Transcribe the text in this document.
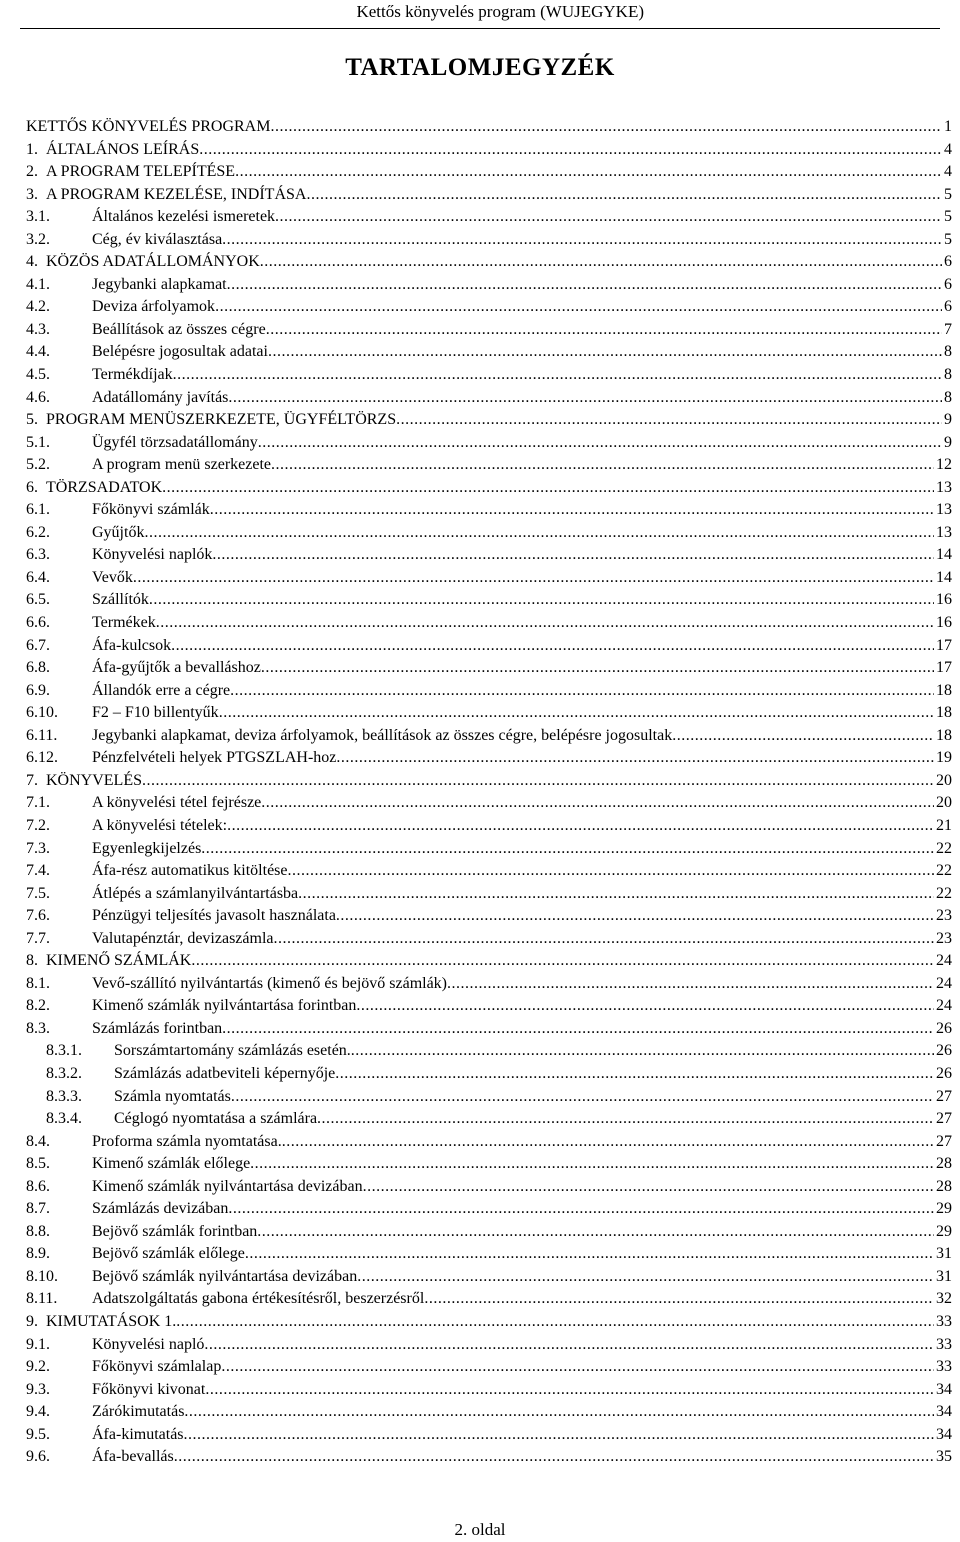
Kettős könyvelés program (WUJEGYKE)
TARTALOMJEGYZÉK
KETTŐS KÖNYVELÉS PROGRAM .....	1
1. ÁLTALÁNOS LEÍRÁS .....	4
2. A PROGRAM TELEPÍTÉSE .....	4
3. A PROGRAM KEZELÉSE, INDÍTÁSA .....	5
3.1.	Általános kezelési ismeretek .....	5
3.2.	Cég, év kiválasztása .....	5
4. KÖZÖS ADATÁLLOMÁNYOK .....	6
4.1.	Jegybanki alapkamat .....	6
4.2.	Deviza árfolyamok .....	6
4.3.	Beállítások az összes cégre .....	7
4.4.	Belépésre jogosultak adatai .....	8
4.5.	Termékdíjak .....	8
4.6.	Adatállomány javítás .....	8
5. PROGRAM MENÜSZERKEZETE, ÜGYFÉLTÖRZS .....	9
5.1.	Ügyfél törzsadatállomány .....	9
5.2.	A program menü szerkezete .....	12
6. TÖRZSADATOK .....	13
6.1.	Főkönyvi számlák .....	13
6.2.	Gyűjtők .....	13
6.3.	Könyvelési naplók .....	14
6.4.	Vevők .....	14
6.5.	Szállítók .....	16
6.6.	Termékek .....	16
6.7.	Áfa-kulcsok .....	17
6.8.	Áfa-gyűjtők a bevalláshoz .....	17
6.9.	Állandók erre a cégre .....	18
6.10.	F2 – F10 billentyűk .....	18
6.11.	Jegybanki alapkamat, deviza árfolyamok, beállítások az összes cégre, belépésre jogosultak .....	18
6.12.	Pénzfelvételi helyek PTGSZLAH-hoz .....	19
7. KÖNYVELÉS .....	20
7.1.	A könyvelési tétel fejrésze .....	20
7.2.	A könyvelési tételek: .....	21
7.3.	Egyenlegkijelzés .....	22
7.4.	Áfa-rész automatikus kitöltése .....	22
7.5.	Átlépés a számlanyilvántartásba .....	22
7.6.	Pénzügyi teljesítés javasolt használata .....	23
7.7.	Valutapénztár, devizaszámla .....	23
8. KIMENŐ SZÁMLÁK .....	24
8.1.	Vevő-szállító nyilvántartás (kimenő és bejövő számlák) .....	24
8.2.	Kimenő számlák nyilvántartása forintban .....	24
8.3.	Számlázás forintban .....	26
8.3.1.	Sorszámtartomány számlázás esetén. .....	26
8.3.2.	Számlázás adatbeviteli képernyője .....	26
8.3.3.	Számla nyomtatás .....	27
8.3.4.	Céglogó nyomtatása a számlára .....	27
8.4.	Proforma számla nyomtatása. .....	27
8.5.	Kimenő számlák előlege .....	28
8.6.	Kimenő számlák nyilvántartása devizában .....	28
8.7.	Számlázás devizában .....	29
8.8.	Bejövő számlák forintban .....	29
8.9.	Bejövő számlák előlege .....	31
8.10.	Bejövő számlák nyilvántartása devizában .....	31
8.11.	Adatszolgáltatás gabona értékesítésről, beszerzésről .....	32
9. KIMUTATÁSOK 1. .....	33
9.1.	Könyvelési napló .....	33
9.2.	Főkönyvi számlalap .....	33
9.3.	Főkönyvi kivonat .....	34
9.4.	Zárókimutatás .....	34
9.5.	Áfa-kimutatás .....	34
9.6.	Áfa-bevallás .....	35
2. oldal
